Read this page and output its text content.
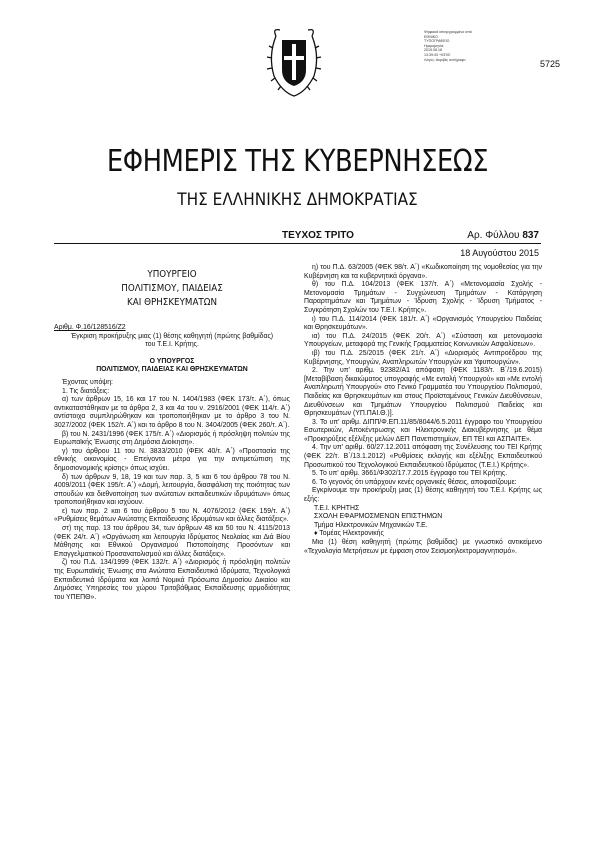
Ψηφιακά υπογεγραμμένο από
ΕΘΝΙΚΟ
ΤΥΠΟΓΡΑΦΕΙΟ
Ημερομηνία:
2015.08.18
13:39:43 +03'00'
Λόγος: Ακριβές αντίγραφο	5725
ΕΦΗΜΕΡΙΣ ΤΗΣ ΚΥΒΕΡΝΗΣΕΩΣ
ΤΗΣ ΕΛΛΗΝΙΚΗΣ ΔΗΜΟΚΡΑΤΙΑΣ
ΤΕΥΧΟΣ ΤΡΙΤΟ	Αρ. Φύλλου 837
18 Αυγούστου 2015
ΥΠΟΥΡΓΕΙΟ
ΠΟΛΙΤΙΣΜΟΥ, ΠΑΙΔΕΙΑΣ
ΚΑΙ ΘΡΗΣΚΕΥΜΑΤΩΝ
Αριθμ. Φ.16/128516/Ζ2
Έγκριση προκήρυξης μιας (1) θέσης καθηγητή (πρώτης βαθμίδας) του Τ.Ε.Ι. Κρήτης.
Ο ΥΠΟΥΡΓΟΣ
ΠΟΛΙΤΙΣΜΟΥ, ΠΑΙΔΕΙΑΣ ΚΑΙ ΘΡΗΣΚΕΥΜΑΤΩΝ

Έχοντας υπόψη:

1. Τις διατάξεις:

α) των άρθρων 15, 16 και 17 του Ν. 1404/1983 (ΦΕΚ 173/τ. Α΄), όπως αντικαταστάθηκαν με τα άρθρα 2, 3 και 4α του ν. 2916/2001 (ΦΕΚ 114/τ. Α΄) αντίστοιχα συμπληρώθηκαν και τροποποιήθηκαν με το άρθρο 3 του Ν. 3027/2002 (ΦΕΚ 152/τ. Α΄) και το άρθρο 8 του Ν. 3404/2005 (ΦΕΚ 260/τ. Α΄).

β) του Ν. 2431/1996 (ΦΕΚ 175/τ. Α΄) «Διορισμός ή πρόσληψη πολιτών της Ευρωπαϊκής Ένωσης στη Δημόσια Διοίκηση».

γ) του άρθρου 11 του Ν. 3833/2010 (ΦΕΚ 40/τ. Α΄) «Προστασία της εθνικής οικονομίας - Επείγοντα μέτρα για την αντιμετώπιση της δημοσιονομικής κρίσης» όπως ισχύει.

δ) των άρθρων 9, 18, 19 και των παρ. 3, 5 και 6 του άρθρου 78 του Ν. 4009/2011 (ΦΕΚ 195/τ. Α΄) «Δομή, λειτουργία, διασφάλιση της ποιότητας των σπουδών και διεθνοποίηση των ανώτατων εκπαιδευτικών ιδρυμάτων» όπως τροποποιήθηκαν και ισχύουν.

ε) των παρ. 2 και 6 του άρθρου 5 του Ν. 4076/2012 (ΦΕΚ 159/τ. Α΄) «Ρυθμίσεις θεμάτων Ανώτατης Εκπαίδευσης Ιδρυμάτων και άλλες διατάξεις».

στ) της παρ. 13 του άρθρου 34, των άρθρων 48 και 50 του Ν. 4115/2013 (ΦΕΚ 24/τ. Α΄) «Οργάνωση και λειτουργία Ιδρύματος Νεολαίας και Διά Βίου Μάθησης και Εθνικού Οργανισμού Πιστοποίησης Προσόντων και Επαγγελματικού Προσανατολισμού και άλλες διατάξεις».

ζ) του Π.Δ. 134/1999 (ΦΕΚ 132/τ. Α΄) «Διορισμός ή πρόσληψη πολιτών της Ευρωπαϊκής Ένωσης στα Ανώτατα Εκπαιδευτικά Ιδρύματα, Τεχνολογικά Εκπαιδευτικά Ιδρύματα και λοιπά Νομικά Πρόσωπα Δημοσίου Δικαίου και Δημόσιες Υπηρεσίες του χώρου Τριτοβάθμιας Εκπαίδευσης αρμοδιότητας του ΥΠΕΠΘ».

η) του Π.Δ. 63/2005 (ΦΕΚ 98/τ. Α΄) «Κωδικοποίηση της νομοθεσίας για την Κυβέρνηση και τα κυβερνητικά όργανα».

θ) του Π.Δ. 104/2013 (ΦΕΚ 137/τ. Α΄) «Μετονομασία Σχολής - Μετονομασία Τμημάτων - Συγχώνευση Τμημάτων - Κατάργηση Παραρτημάτων και Τμημάτων - Ίδρυση Σχολής - Ίδρυση Τμήματος - Συγκρότηση Σχολών του Τ.Ε.Ι. Κρήτης».

ι) του Π.Δ. 114/2014 (ΦΕΚ 181/τ. Α΄) «Οργανισμός Υπουργείου Παιδείας και Θρησκευμάτων».

ια) του Π.Δ. 24/2015 (ΦΕΚ 20/τ. Α΄) «Σύσταση και μετονομασία Υπουργείων, μεταφορά της Γενικής Γραμματείας Κοινωνικών Ασφαλίσεων».

ιβ) του Π.Δ. 25/2015 (ΦΕΚ 21/τ. Α΄) «Διορισμός Αντιπροέδρου της Κυβέρνησης, Υπουργών, Αναπληρωτών Υπουργών και Υφυπουργών».

2. Την υπ' αριθμ. 92382/Α1 απόφαση (ΦΕΚ 1183/τ. Β΄/19.6.2015) [Μεταβίβαση δικαιώματος υπογραφής «Με εντολή Υπουργού» και «Με εντολή Αναπληρωτή Υπουργού» στο Γενικό Γραμματέα του Υπουργείου Πολιτισμού, Παιδείας και Θρησκευμάτων και στους Προϊσταμένους Γενικών Διευθύνσεων, Διευθύνσεων και Τμημάτων Υπουργείου Πολιτισμού Παιδείας και Θρησκευμάτων (ΥΠ.ΠΑΙ.Θ.)].

3. Το υπ' αριθμ. ΔΙΠΠ/Φ.ΕΠ.11/85/8044/6.5.2011 έγγραφο του Υπουργείου Εσωτερικών, Αποκέντρωσης και Ηλεκτρονικής Διακυβέρνησης με θέμα «Προκηρύξεις εξέλιξης μελών ΔΕΠ Πανεπιστημίων, ΕΠ ΤΕΙ και ΑΣΠΑΙΤΕ».

4. Την υπ' αριθμ. 60/27.12.2011 απόφαση της Συνέλευσης του ΤΕΙ Κρήτης (ΦΕΚ 22/τ. Β΄/13.1.2012) «Ρυθμίσεις εκλογής και εξέλιξης Εκπαιδευτικού Προσωπικού του Τεχνολογικού Εκπαιδευτικού Ιδρύματος (Τ.Ε.Ι.) Κρήτης».

5. Το υπ' αριθμ. 3661/Φ302/17.7.2015 έγγραφο του ΤΕΙ Κρήτης.

6. Το γεγονός ότι υπάρχουν κενές οργανικές θέσεις, αποφασίζουμε:

Εγκρίνουμε την προκήρυξη μιας (1) θέσης καθηγητή του Τ.Ε.Ι. Κρήτης ως εξής:

Τ.Ε.Ι. ΚΡΗΤΗΣ

ΣΧΟΛΗ ΕΦΑΡΜΟΣΜΕΝΩΝ ΕΠΙΣΤΗΜΩΝ

Τμήμα Ηλεκτρονικών Μηχανικών Τ.Ε.

♦ Τομέας Ηλεκτρονικής

Μια (1) θέση καθηγητή (πρώτης βαθμίδας) με γνωστικό αντικείμενο «Τεχνολογία Μετρήσεων με έμφαση στον Σεισμοηλεκτρομαγνητισμό».
